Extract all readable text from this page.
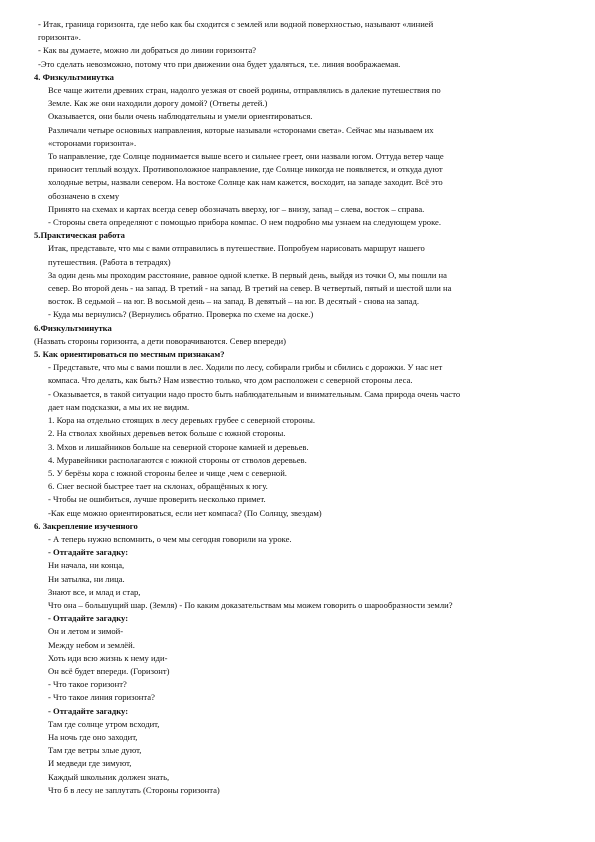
- Итак, граница горизонта, где небо как бы сходится с землей или водной поверхностью, называют «линией

горизонта».

- Как вы думаете, можно ли добраться до линии горизонта?

-Это сделать невозможно, потому что при движении она будет удаляться, т.е. линия воображаемая.

4. Физкультминутка

Все чаще жители древних стран, надолго уезжая от своей родины, отправлялись в далекие путешествия по

Земле. Как же они находили дорогу домой? (Ответы детей.)

Оказывается, они были очень наблюдательны и умели ориентироваться.

Различали четыре основных направления, которые называли «сторонами света». Сейчас мы называем их

«сторонами горизонта».

То направление, где Солнце поднимается выше всего и сильнее греет, они назвали югом. Оттуда ветер чаще

приносит теплый воздух. Противоположное направление, где Солнце никогда не появляется, и откуда дуют

холодные ветры, назвали севером. На востоке Солнце как нам кажется, восходит, на западе заходит. Всё это

обозначено в схему

Принято на схемах и картах всегда север обозначать вверху, юг – внизу, запад – слева, восток – справа.

- Стороны света определяют с помощью прибора компас. О нем подробно мы узнаем на следующем уроке.

5.Практическая работа

Итак, представьте, что мы с вами отправились в путешествие. Попробуем нарисовать маршрут нашего

путешествия. (Работа в тетрадях)

За один день мы проходим расстояние, равное одной клетке. В первый день, выйдя из точки О, мы пошли на

север. Во второй день - на запад. В третий - на запад. В третий на север. В четвертый, пятый и шестой шли на

восток. В седьмой – на юг. В восьмой день – на запад. В девятый – на юг. В десятый - снова на запад.

- Куда мы вернулись? (Вернулись обратно. Проверка по схеме на доске.)

6.Физкультминутка

(Назвать стороны горизонта, а дети поворачиваются. Север впереди)

5. Как ориентироваться по местным признакам?

- Представьте, что мы с вами пошли в лес. Ходили по лесу, собирали грибы и сбились с дорожки. У нас нет

компаса. Что делать, как быть? Нам известно только, что дом расположен с северной стороны леса.

- Оказывается, в такой ситуации надо просто быть наблюдательным и внимательным. Сама природа очень часто

дает нам подсказки, а мы их не видим.

1. Кора на отдельно стоящих в лесу деревьях грубее с северной стороны.

2. На стволах хвойных деревьев веток больше с южной стороны.

3. Мхов и лишайников больше на северной стороне камней и деревьев.

4. Муравейники располагаются с южной стороны от стволов деревьев.

5. У берёзы кора с южной стороны белее и чище ,чем с северной.

6. Снег весной быстрее тает на склонах, обращённых к югу.

- Чтобы не ошибиться, лучше проверить несколько примет.

-Как еще можно ориентироваться, если нет компаса? (По Солнцу, звездам)

6. Закрепление изученного

- А теперь нужно вспомнить, о чем мы сегодня говорили на уроке.

- Отгадайте загадку:

Ни начала, ни конца,

Ни затылка, ни лица.

Знают все, и млад и стар,

Что она – большущий шар. (Земля) - По каким доказательствам мы можем говорить о шарообразности земли?

- Отгадайте загадку:

Он и летом и зимой-

Между небом и землёй.

Хоть иди всю жизнь к нему иди-

Он всё будет впереди. (Горизонт)

- Что такое горизонт?

- Что такое линия горизонта?

- Отгадайте загадку:

Там где солнце утром всходит,

На ночь где оно заходит,

Там где ветры злые дуют,

И медведи где зимуют,

Каждый школьник должен знать,

Что б в лесу не заплутать (Стороны горизонта)
